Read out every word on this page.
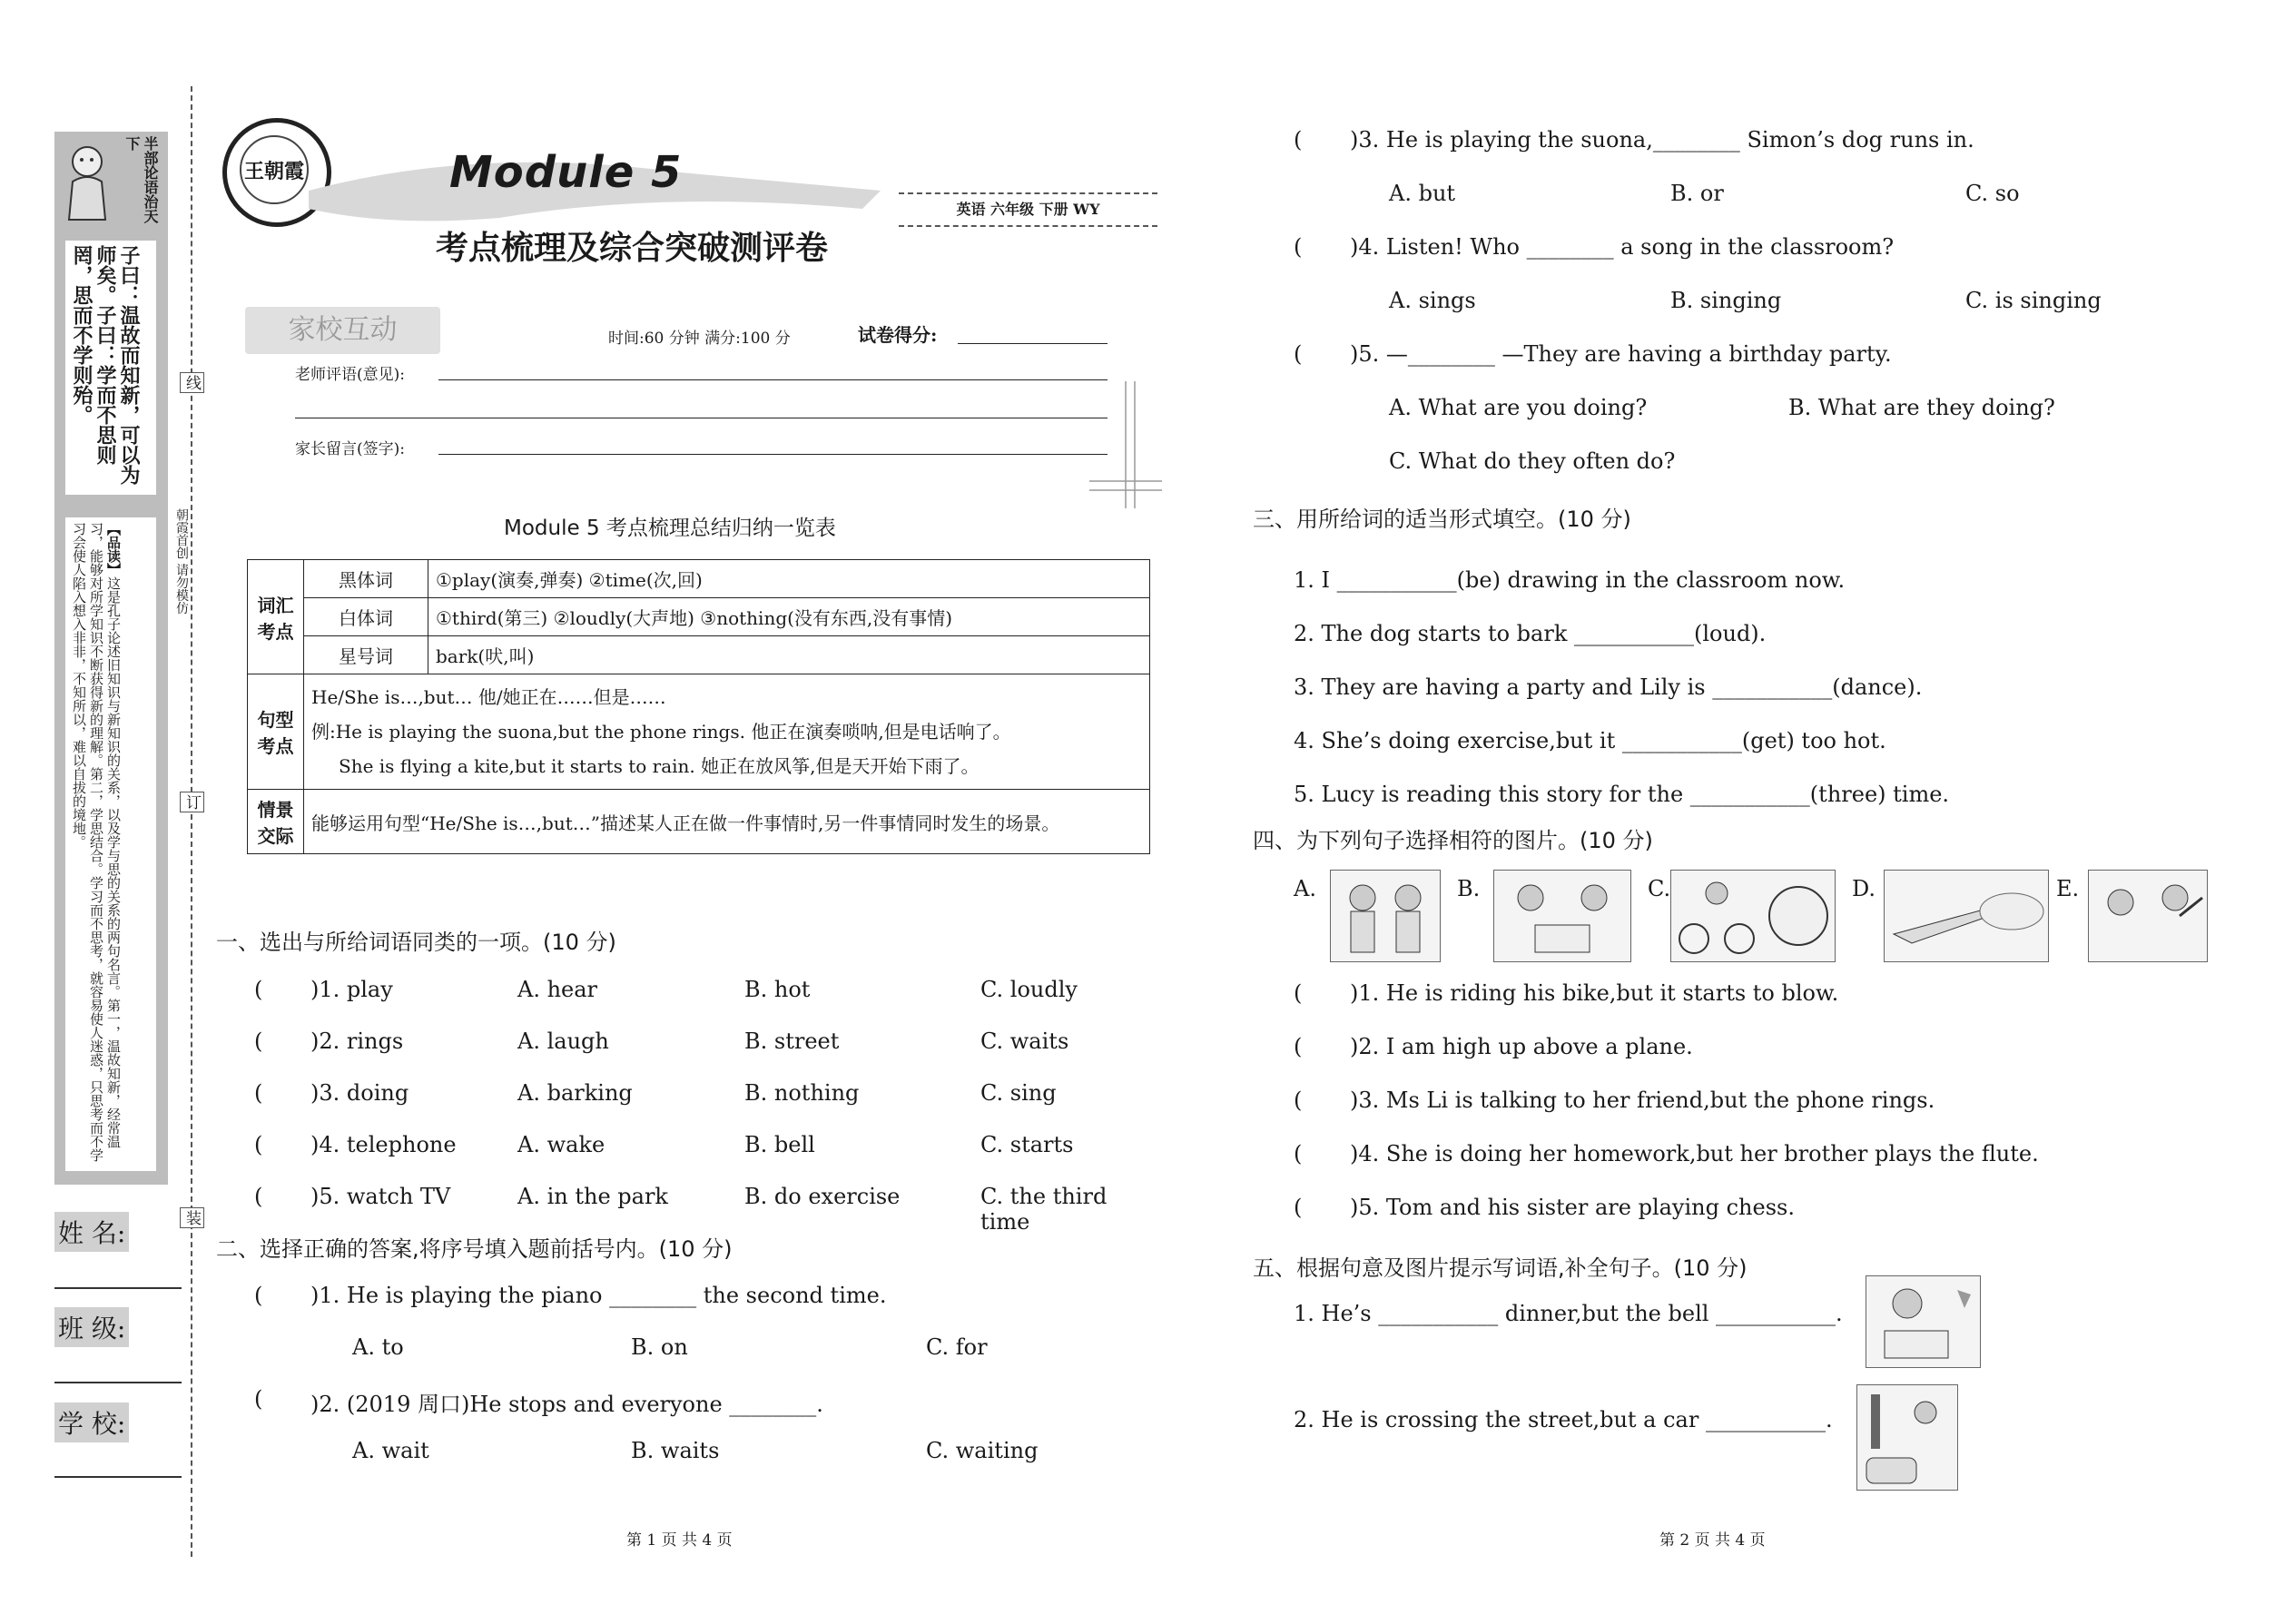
半部论语治天下
子曰：温故而知新，可以为师矣。子曰：学而不思则罔，思而不学则殆。
【品读】这是孔子论述旧知识与新知识的关系，以及学与思的关系的两句名言。第一，温故知新，经常温习，能够对所学知识不断获得新的理解。第二，学思结合。学习而不思考，就容易使人迷惑，只思考而不学习会使人陷入想入非非，不知所以，难以自拔的境地。
姓 名:
班 级:
学 校:
线
订
装
朝霞首创 请勿模仿
王朝霞	Module 5
考点梳理及综合突破测评卷
英语 六年级 下册 WY
家校互动	时间:60 分钟 满分:100 分	试卷得分:
老师评语(意见):
家长留言(签字):
Module 5 考点梳理总结归纳一览表
词汇考点	黑体词	①play(演奏,弹奏) ②time(次,回)
	白体词	①third(第三) ②loudly(大声地) ③nothing(没有东西,没有事情)
	星号词	bark(吠,叫)
句型考点	He/She is…,but… 他/她正在……但是……
例:He is playing the suona,but the phone rings. 他正在演奏唢呐,但是电话响了。
She is flying a kite,but it starts to rain. 她正在放风筝,但是天开始下雨了。	

情景交际	能够运用句型“He/She is…,but…”描述某人正在做一件事情时,另一件事情同时发生的场景。	
一、选出与所给词语同类的一项。(10 分)
( )1. play	A. hear	B. hot	C. loudly
( )2. rings	A. laugh	B. street	C. waits
( )3. doing	A. barking	B. nothing	C. sing
( )4. telephone	A. wake	B. bell	C. starts
( )5. watch TV	A. in the park	B. do exercise	C. the third time
二、选择正确的答案,将序号填入题前括号内。(10 分)
( )1. He is playing the piano ________ the second time.
A. to	B. on	C. for
( )2. (2019 周口)He stops and everyone ________.
A. wait	B. waits	C. waiting
第 1 页 共 4 页
( )3. He is playing the suona,________ Simon’s dog runs in.
A. but	B. or	C. so
( )4. Listen! Who ________ a song in the classroom?
A. sings	B. singing	C. is singing
( )5. —________ —They are having a birthday party.
A. What are you doing?	B. What are they doing?
C. What do they often do?
三、用所给词的适当形式填空。(10 分)
1. I ___________(be) drawing in the classroom now.
2. The dog starts to bark ___________(loud).
3. They are having a party and Lily is ___________(dance).
4. She’s doing exercise,but it ___________(get) too hot.
5. Lucy is reading this story for the ___________(three) time.
四、为下列句子选择相符的图片。(10 分)
A.	B.	C.	D.	E.
( )1. He is riding his bike,but it starts to blow.
( )2. I am high up above a plane.
( )3. Ms Li is talking to her friend,but the phone rings.
( )4. She is doing her homework,but her brother plays the flute.
( )5. Tom and his sister are playing chess.
五、根据句意及图片提示写词语,补全句子。(10 分)
1. He’s ___________ dinner,but the bell ___________.
2. He is crossing the street,but a car ___________.
第 2 页 共 4 页
